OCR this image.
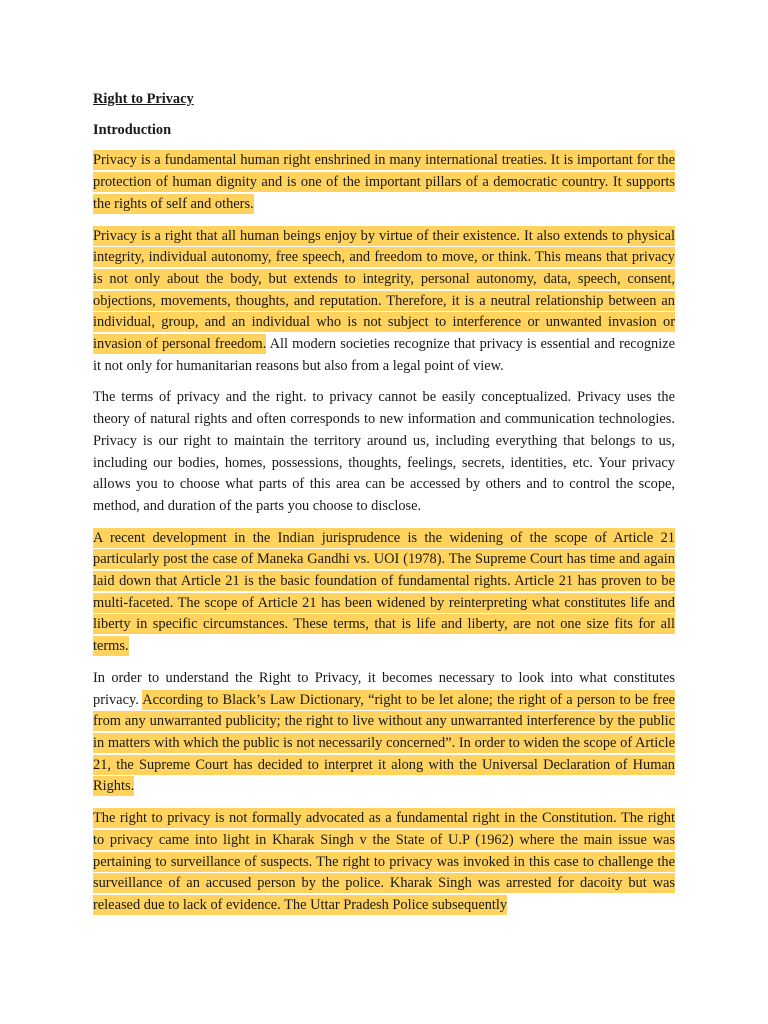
Right to Privacy

Introduction

Privacy is a fundamental human right enshrined in many international treaties. It is important for the protection of human dignity and is one of the important pillars of a democratic country. It supports the rights of self and others.

Privacy is a right that all human beings enjoy by virtue of their existence. It also extends to physical integrity, individual autonomy, free speech, and freedom to move, or think. This means that privacy is not only about the body, but extends to integrity, personal autonomy, data, speech, consent, objections, movements, thoughts, and reputation. Therefore, it is a neutral relationship between an individual, group, and an individual who is not subject to interference or unwanted invasion or invasion of personal freedom. All modern societies recognize that privacy is essential and recognize it not only for humanitarian reasons but also from a legal point of view.

The terms of privacy and the right. to privacy cannot be easily conceptualized. Privacy uses the theory of natural rights and often corresponds to new information and communication technologies. Privacy is our right to maintain the territory around us, including everything that belongs to us, including our bodies, homes, possessions, thoughts, feelings, secrets, identities, etc. Your privacy allows you to choose what parts of this area can be accessed by others and to control the scope, method, and duration of the parts you choose to disclose.

A recent development in the Indian jurisprudence is the widening of the scope of Article 21 particularly post the case of Maneka Gandhi vs. UOI (1978). The Supreme Court has time and again laid down that Article 21 is the basic foundation of fundamental rights. Article 21 has proven to be multi-faceted. The scope of Article 21 has been widened by reinterpreting what constitutes life and liberty in specific circumstances. These terms, that is life and liberty, are not one size fits for all terms.

In order to understand the Right to Privacy, it becomes necessary to look into what constitutes privacy. According to Black’s Law Dictionary, “right to be let alone; the right of a person to be free from any unwarranted publicity; the right to live without any unwarranted interference by the public in matters with which the public is not necessarily concerned”. In order to widen the scope of Article 21, the Supreme Court has decided to interpret it along with the Universal Declaration of Human Rights.

The right to privacy is not formally advocated as a fundamental right in the Constitution. The right to privacy came into light in Kharak Singh v the State of U.P (1962) where the main issue was pertaining to surveillance of suspects. The right to privacy was invoked in this case to challenge the surveillance of an accused person by the police. Kharak Singh was arrested for dacoity but was released due to lack of evidence. The Uttar Pradesh Police subsequently
